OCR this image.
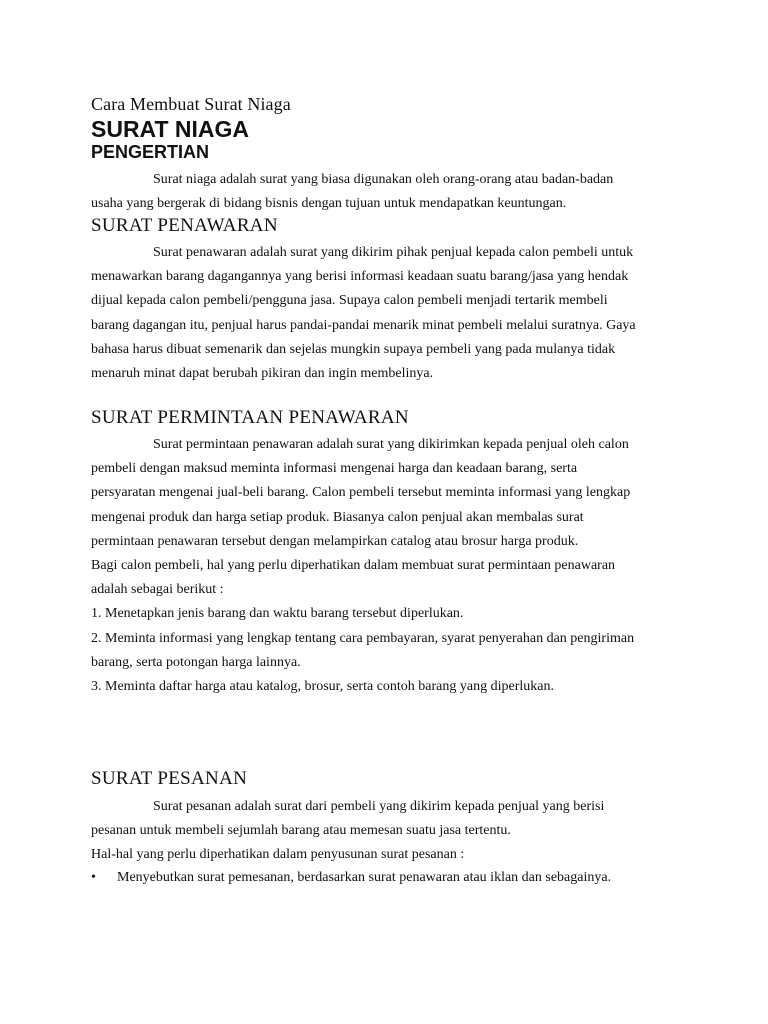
Cara Membuat Surat Niaga
SURAT NIAGA
PENGERTIAN
Surat niaga adalah surat yang biasa digunakan oleh orang-orang atau badan-badan
usaha yang bergerak di bidang bisnis dengan tujuan untuk mendapatkan keuntungan.
SURAT PENAWARAN
Surat penawaran adalah surat yang dikirim pihak penjual kepada calon pembeli untuk
menawarkan barang dagangannya yang berisi informasi keadaan suatu barang/jasa yang hendak
dijual kepada calon pembeli/pengguna jasa. Supaya calon pembeli menjadi tertarik membeli
barang dagangan itu, penjual harus pandai-pandai menarik minat pembeli melalui suratnya. Gaya
bahasa harus dibuat semenarik dan sejelas mungkin supaya pembeli yang pada mulanya tidak
menaruh minat dapat berubah pikiran dan ingin membelinya.
SURAT PERMINTAAN PENAWARAN
Surat permintaan penawaran adalah surat yang dikirimkan kepada penjual oleh calon
pembeli dengan maksud meminta informasi mengenai harga dan keadaan barang, serta
persyaratan mengenai jual-beli barang. Calon pembeli tersebut meminta informasi yang lengkap
mengenai produk dan harga setiap produk. Biasanya calon penjual akan membalas surat
permintaan penawaran tersebut dengan melampirkan catalog atau brosur harga produk.
Bagi calon pembeli, hal yang perlu diperhatikan dalam membuat surat permintaan penawaran
adalah sebagai berikut :
1. Menetapkan jenis barang dan waktu barang tersebut diperlukan.
2. Meminta informasi yang lengkap tentang cara pembayaran, syarat penyerahan dan pengiriman
barang, serta potongan harga lainnya.
3. Meminta daftar harga atau katalog, brosur, serta contoh barang yang diperlukan.
SURAT PESANAN
Surat pesanan adalah surat dari pembeli yang dikirim kepada penjual yang berisi
pesanan untuk membeli sejumlah barang atau memesan suatu jasa tertentu.
Hal-hal yang perlu diperhatikan dalam penyusunan surat pesanan :
• Menyebutkan surat pemesanan, berdasarkan surat penawaran atau iklan dan sebagainya.
